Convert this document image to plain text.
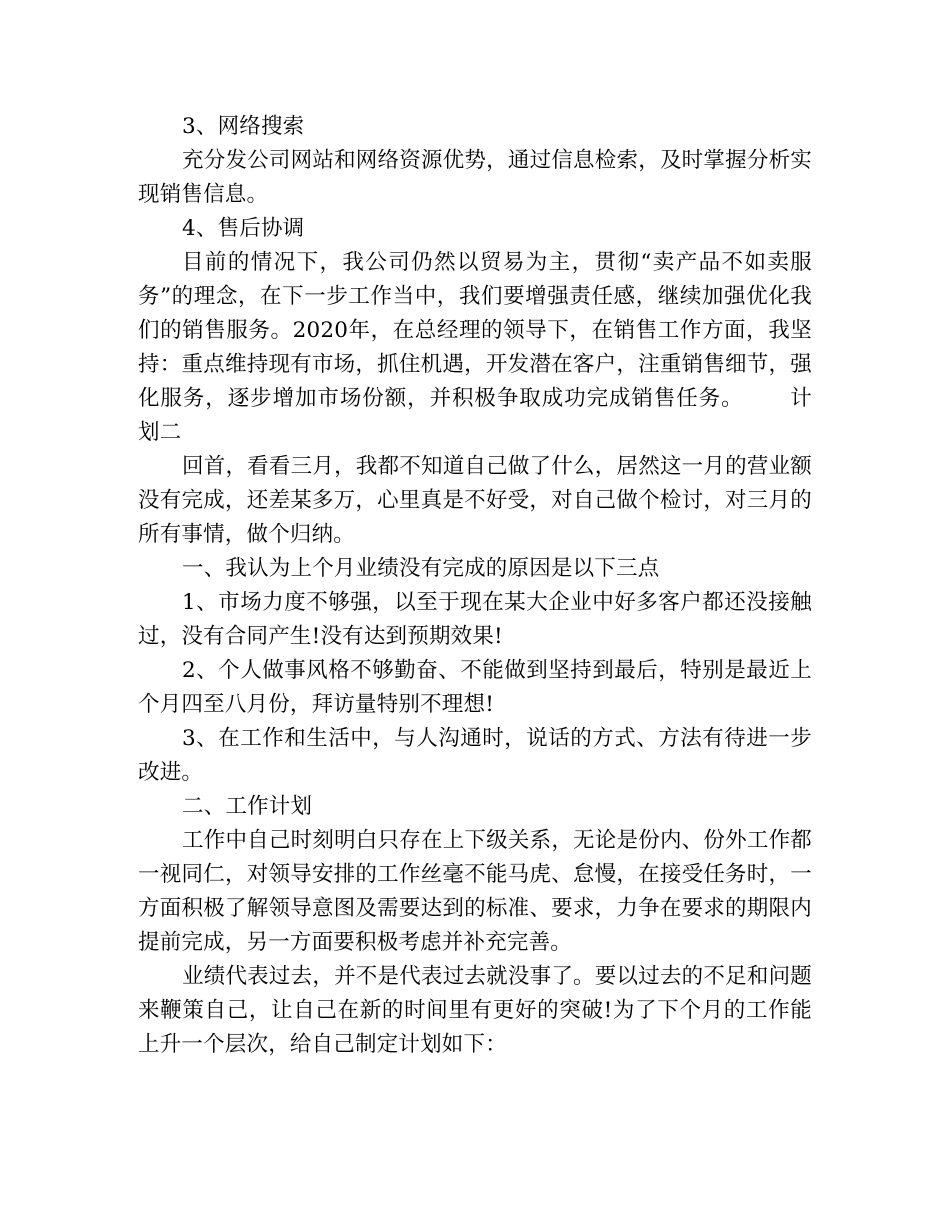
3、网络搜索

充分发公司网站和网络资源优势，通过信息检索，及时掌握分析实现销售信息。

4、售后协调

目前的情况下，我公司仍然以贸易为主，贯彻“卖产品不如卖服务”的理念，在下一步工作当中，我们要增强责任感，继续加强优化我们的销售服务。2020年，在总经理的领导下，在销售工作方面，我坚持：重点维持现有市场，抓住机遇，开发潜在客户，注重销售细节，强化服务，逐步增加市场份额，并积极争取成功完成销售任务。 计划二

回首，看看三月，我都不知道自己做了什么，居然这一月的营业额没有完成，还差某多万，心里真是不好受，对自己做个检讨，对三月的所有事情，做个归纳。

一、我认为上个月业绩没有完成的原因是以下三点

1、市场力度不够强，以至于现在某大企业中好多客户都还没接触过，没有合同产生!没有达到预期效果!

2、个人做事风格不够勤奋、不能做到坚持到最后，特别是最近上个月四至八月份，拜访量特别不理想!

3、在工作和生活中，与人沟通时，说话的方式、方法有待进一步改进。

二、工作计划

工作中自己时刻明白只存在上下级关系，无论是份内、份外工作都一视同仁，对领导安排的工作丝毫不能马虎、怠慢，在接受任务时，一方面积极了解领导意图及需要达到的标准、要求，力争在要求的期限内提前完成，另一方面要积极考虑并补充完善。

业绩代表过去，并不是代表过去就没事了。要以过去的不足和问题来鞭策自己，让自己在新的时间里有更好的突破!为了下个月的工作能上升一个层次，给自己制定计划如下：
